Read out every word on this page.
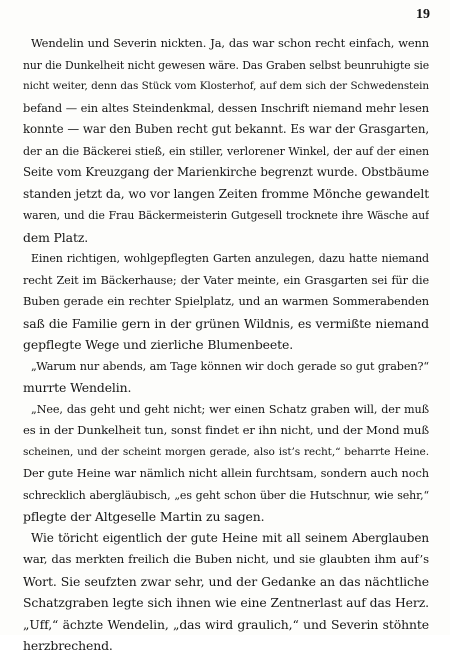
19
Wendelin und Severin nickten. Ja, das war schon recht einfach, wenn
nur die Dunkelheit nicht gewesen wäre. Das Graben selbst beunruhigte sie
nicht weiter, denn das Stück vom Klosterhof, auf dem sich der Schwedenstein
befand — ein altes Steindenkmal, dessen Inschrift niemand mehr lesen
konnte — war den Buben recht gut bekannt. Es war der Grasgarten,
der an die Bäckerei stieß, ein stiller, verlorener Winkel, der auf der einen
Seite vom Kreuzgang der Marienkirche begrenzt wurde. Obstbäume
standen jetzt da, wo vor langen Zeiten fromme Mönche gewandelt
waren, und die Frau Bäckermeisterin Gutgesell trocknete ihre Wäsche auf
dem Platz.
Einen richtigen, wohlgepflegten Garten anzulegen, dazu hatte niemand
recht Zeit im Bäckerhause; der Vater meinte, ein Grasgarten sei für die
Buben gerade ein rechter Spielplatz, und an warmen Sommerabenden
saß die Familie gern in der grünen Wildnis, es vermißte niemand
gepflegte Wege und zierliche Blumenbeete.
„Warum nur abends, am Tage können wir doch gerade so gut graben?“
murrte Wendelin.
„Nee, das geht und geht nicht; wer einen Schatz graben will, der muß
es in der Dunkelheit tun, sonst findet er ihn nicht, und der Mond muß
scheinen, und der scheint morgen gerade, also ist’s recht,“ beharrte Heine.
Der gute Heine war nämlich nicht allein furchtsam, sondern auch noch
schrecklich abergläubisch, „es geht schon über die Hutschnur, wie sehr,“
pflegte der Altgeselle Martin zu sagen.
Wie töricht eigentlich der gute Heine mit all seinem Aberglauben
war, das merkten freilich die Buben nicht, und sie glaubten ihm auf’s
Wort. Sie seufzten zwar sehr, und der Gedanke an das nächtliche
Schatzgraben legte sich ihnen wie eine Zentnerlast auf das Herz.
„Uff,“ ächzte Wendelin, „das wird graulich,“ und Severin stöhnte
herzbrechend.
